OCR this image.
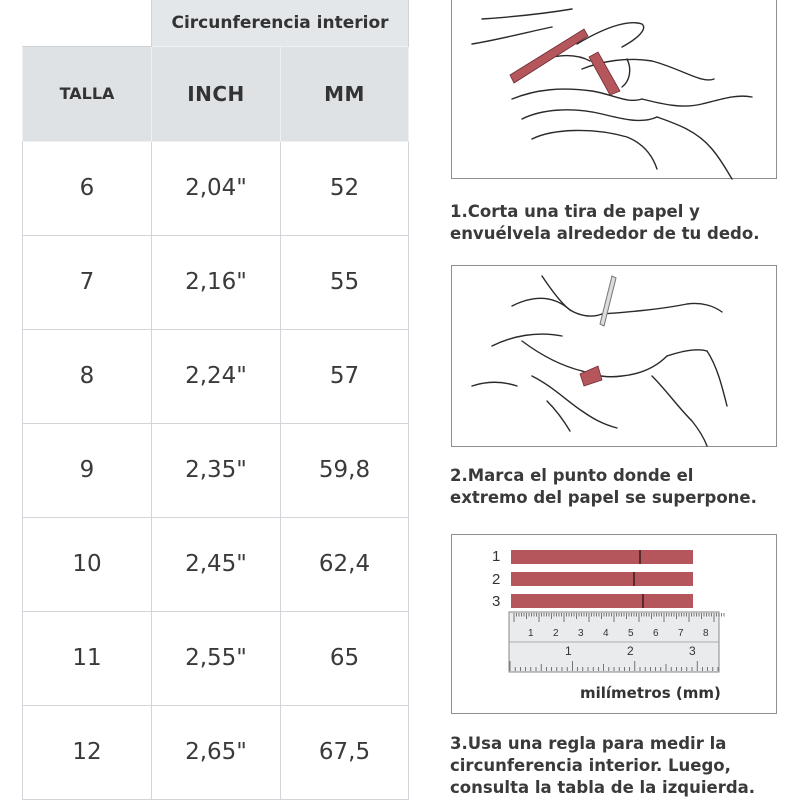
	Circunferencia interior	
TALLA	INCH	MM
6	2,04"	52
7	2,16"	55
8	2,24"	57
9	2,35"	59,8
10	2,45"	62,4
11	2,55"	65
12	2,65"	67,5

1.Corta una tira de papel y
envuélvela alrededor de tu dedo.

2.Marca el punto donde el
extremo del papel se superpone.

1
2
3
1 2 3 4 5 6 7 8
1	2	3
milímetros (mm)

3.Usa una regla para medir la
circunferencia interior. Luego,
consulta la tabla de la izquierda.
